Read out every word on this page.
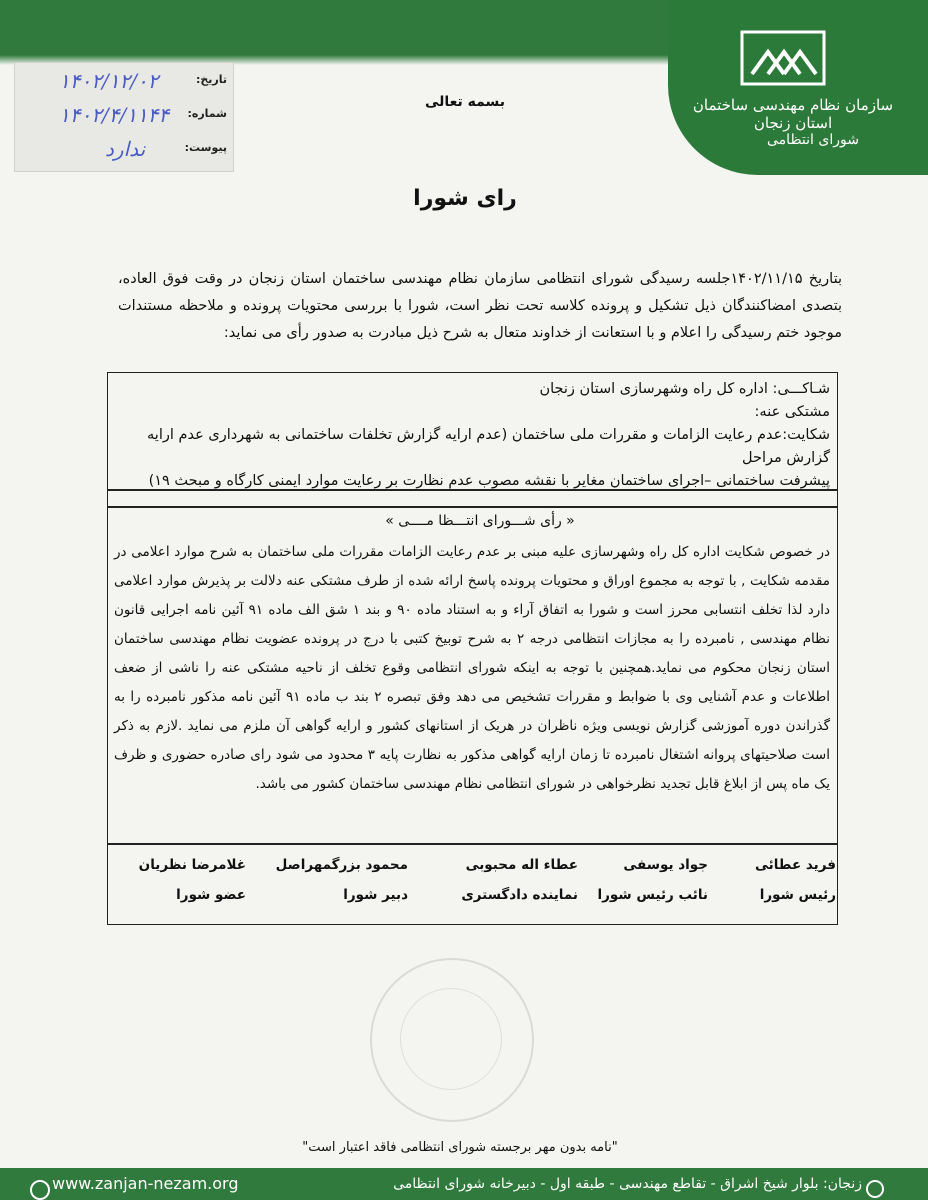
سازمان نظام مهندسی ساختمان استان زنجان
شورای انتظامی
تاریخ:
۱۴۰۲/۱۲/۰۲
شماره:
۱۴۰۲/۴/۱۱۴۴
پیوست:
ندارد
بسمه تعالی
رای شورا
بتاریخ ۱۴۰۲/۱۱/۱۵جلسه رسیدگی شورای انتظامی سازمان نظام مهندسی ساختمان استان زنجان در وقت فوق العاده، بتصدی امضاکنندگان ذیل تشکیل و پرونده کلاسه تحت نظر است، شورا با بررسی محتویات پرونده و ملاحظه مستندات موجود ختم رسیدگی را اعلام و با استعانت از خداوند متعال به شرح ذیل مبادرت به صدور رأی می نماید:
شـاکـــی: اداره کل راه وشهرسازی استان زنجان
مشتکی عنه:
شکایت:عدم رعایت الزامات و مقررات ملی ساختمان (عدم ارایه گزارش تخلفات ساختمانی به شهرداری عدم ارایه گزارش مراحل
پیشرفت ساختمانی –اجرای ساختمان مغایر با نقشه مصوب عدم نظارت بر رعایت موارد ایمنی کارگاه و مبحث ۱۹)
« رأی شـــورای انتـــظا مــــی »
در خصوص شکایت اداره کل راه وشهرسازی علیه مبنی بر عدم رعایت الزامات مقررات ملی ساختمان به شرح موارد اعلامی در مقدمه شکایت , با توجه به مجموع اوراق و محتویات پرونده پاسخ ارائه شده از طرف مشتکی عنه دلالت بر پذیرش موارد اعلامی دارد لذا تخلف انتسابی محرز است و شورا به اتفاق آراء و به استناد ماده ۹۰ و بند ۱ شق الف ماده ۹۱ آئین نامه اجرایی قانون نظام مهندسی , نامبرده را به مجازات انتظامی درجه ۲ به شرح توبیخ کتبی با درج در پرونده عضویت نظام مهندسی ساختمان استان زنجان محکوم می نماید.همچنین با توجه به اینکه شورای انتظامی وقوع تخلف از ناحیه مشتکی عنه را ناشی از ضعف اطلاعات و عدم آشنایی وی با ضوابط و مقررات تشخیص می دهد وفق تبصره ۲ بند ب ماده ۹۱ آئین نامه مذکور نامبرده را به گذراندن دوره آموزشی گزارش نویسی ویژه ناظران در هریک از استانهای کشور و ارایه گواهی آن ملزم می نماید .لازم به ذکر است صلاحیتهای پروانه اشتغال نامبرده تا زمان ارایه گواهی مذکور به نظارت پایه ۳ محدود می شود رای صادره حضوری و ظرف یک ماه پس از ابلاغ قابل تجدید نظرخواهی در شورای انتظامی نظام مهندسی ساختمان کشور می باشد.
فرید عطائی
رئیس شورا
جواد یوسفی
نائب رئیس شورا
عطاء اله محبوبی
نماینده دادگستری
محمود بزرگمهراصل
دبیر شورا
غلامرضا نظریان
عضو شورا
"نامه بدون مهر برجسته شورای انتظامی فاقد اعتبار است"
www.zanjan-nezam.org	زنجان: بلوار شیخ اشراق - تقاطع مهندسی - طبقه اول - دبیرخانه شورای انتظامی
